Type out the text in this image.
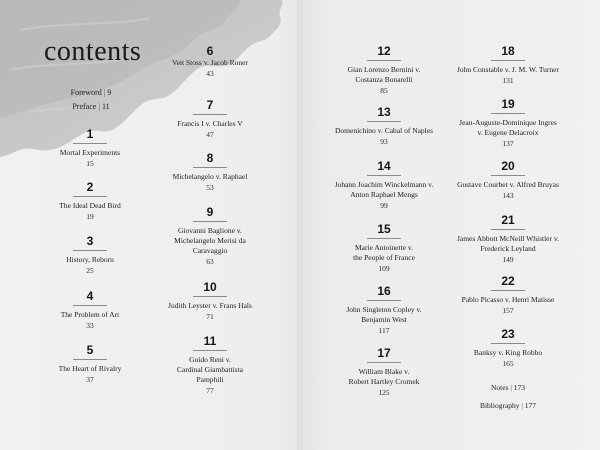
contents
Foreword | 9
Preface | 11
1
Mortal Experiments
15
2
The Ideal Dead Bird
19
3
History, Reborn
25
4
The Problem of Art
33
5
The Heart of Rivalry
37
6
Veit Stoss v. Jacob Roner
43
7
Francis I v. Charles V
47
8
Michelangelo v. Raphael
53
9
Giovanni Baglione v.
Michelangelo Merisi da
Caravaggio
63
10
Judith Leyster v. Frans Hals
71
11
Guido Reni v.
Cardinal Giambattista
Pamphili
77
12
Gian Lorenzo Bernini v.
Costanza Bonarelli
85
13
Domenichino v. Cabal of Naples
93
14
Johann Joachim Winckelmann v.
Anton Raphael Mengs
99
15
Marie Antoinette v.
the People of France
109
16
John Singleton Copley v.
Benjamin West
117
17
William Blake v.
Robert Hartley Cromek
125
18
John Constable v. J. M. W. Turner
131
19
Jean-Auguste-Dominique Ingres
v. Eugene Delacroix
137
20
Gustave Courbet v. Alfred Bruyas
143
21
James Abbott McNeill Whistler v.
Frederick Leyland
149
22
Pablo Picasso v. Henri Matisse
157
23
Banksy v. King Robbo
165
Notes | 173
Bibliography | 177
